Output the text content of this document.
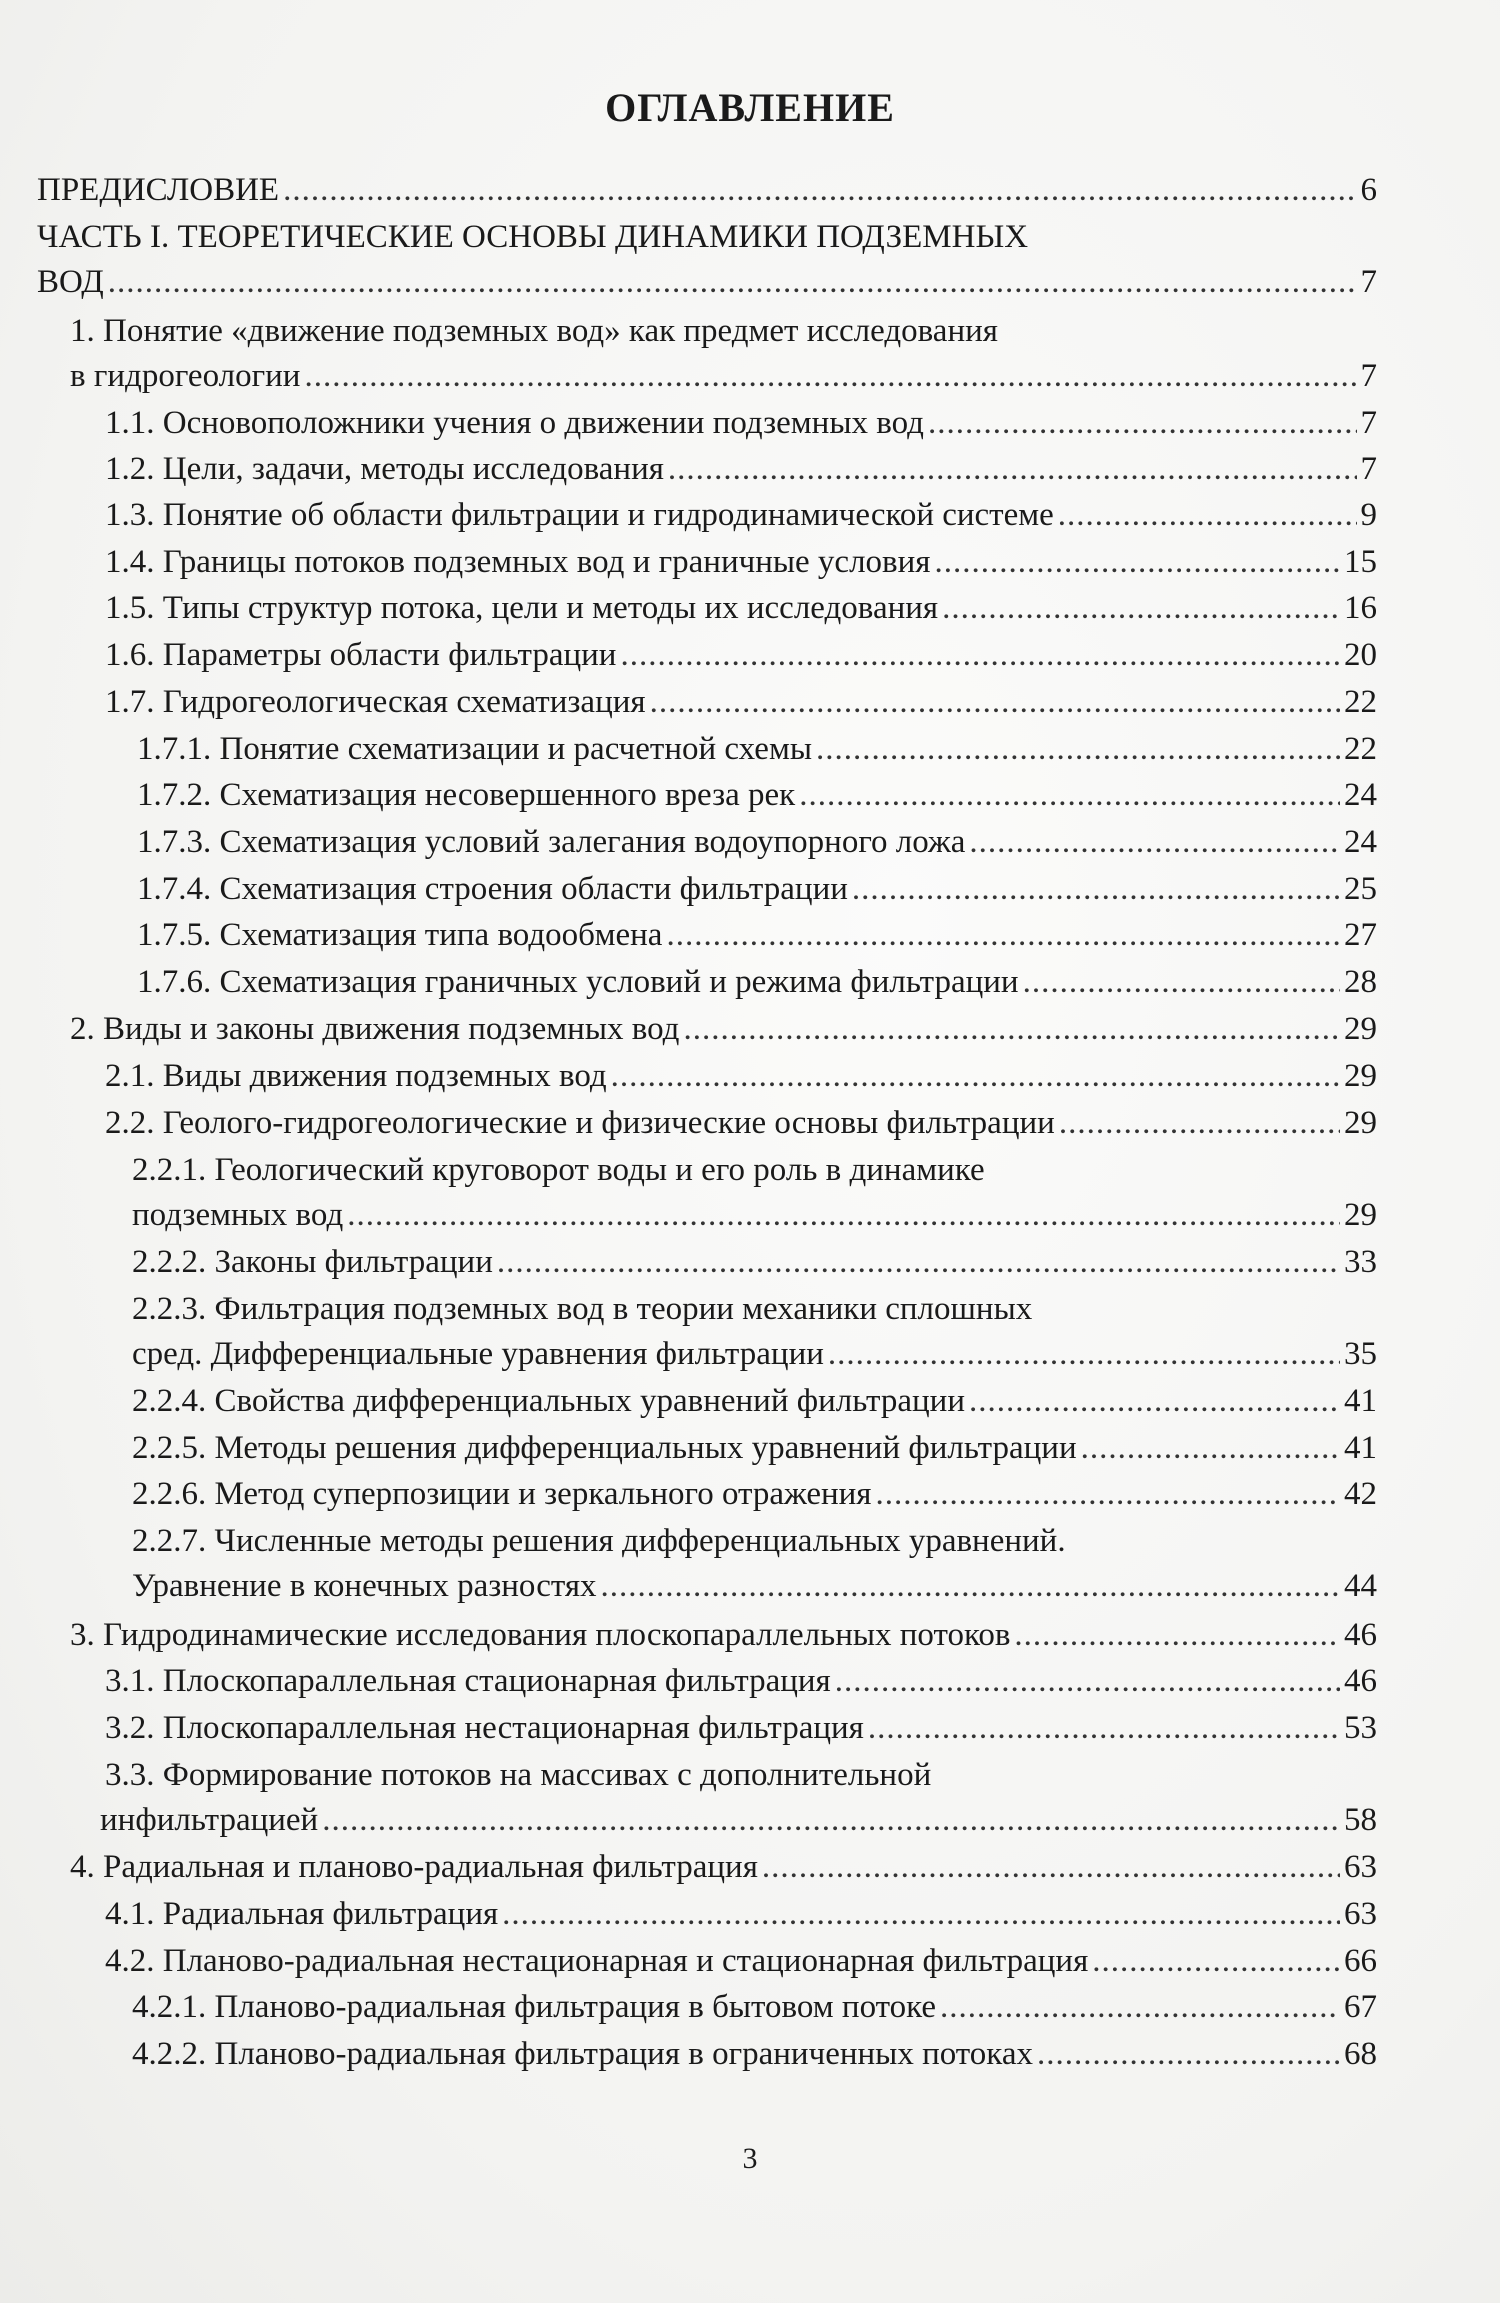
ОГЛАВЛЕНИЕ
ПРЕДИСЛОВИЕ .....	6
ЧАСТЬ I. ТЕОРЕТИЧЕСКИЕ ОСНОВЫ ДИНАМИКИ ПОДЗЕМНЫХ
ВОД .....	7
1. Понятие «движение подземных вод» как предмет исследования
в гидрогеологии .....	7
1.1. Основоположники учения о движении подземных вод .....	7
1.2. Цели, задачи, методы исследования .....	7
1.3. Понятие об области фильтрации и гидродинамической системе .....	9
1.4. Границы потоков подземных вод и граничные условия .....	15
1.5. Типы структур потока, цели и методы их исследования .....	16
1.6. Параметры области фильтрации .....	20
1.7. Гидрогеологическая схематизация .....	22
1.7.1. Понятие схематизации и расчетной схемы .....	22
1.7.2. Схематизация несовершенного вреза рек .....	24
1.7.3. Схематизация условий залегания водоупорного ложа .....	24
1.7.4. Схематизация строения области фильтрации .....	25
1.7.5. Схематизация типа водообмена .....	27
1.7.6. Схематизация граничных условий и режима фильтрации .....	28
2. Виды и законы движения подземных вод .....	29
2.1. Виды движения подземных вод .....	29
2.2. Геолого-гидрогеологические и физические основы фильтрации .....	29
2.2.1. Геологический круговорот воды и его роль в динамике
подземных вод .....	29
2.2.2. Законы фильтрации .....	33
2.2.3. Фильтрация подземных вод в теории механики сплошных
сред. Дифференциальные уравнения фильтрации .....	35
2.2.4. Свойства дифференциальных уравнений фильтрации .....	41
2.2.5. Методы решения дифференциальных уравнений фильтрации .....	41
2.2.6. Метод суперпозиции и зеркального отражения .....	42
2.2.7. Численные методы решения дифференциальных уравнений.
Уравнение в конечных разностях .....	44
3. Гидродинамические исследования плоскопараллельных потоков .....	46
3.1. Плоскопараллельная стационарная фильтрация .....	46
3.2. Плоскопараллельная нестационарная фильтрация .....	53
3.3. Формирование потоков на массивах с дополнительной
инфильтрацией .....	58
4. Радиальная и планово-радиальная фильтрация .....	63
4.1. Радиальная фильтрация .....	63
4.2. Планово-радиальная нестационарная и стационарная фильтрация .....	66
4.2.1. Планово-радиальная фильтрация в бытовом потоке .....	67
4.2.2. Планово-радиальная фильтрация в ограниченных потоках .....	68
3
